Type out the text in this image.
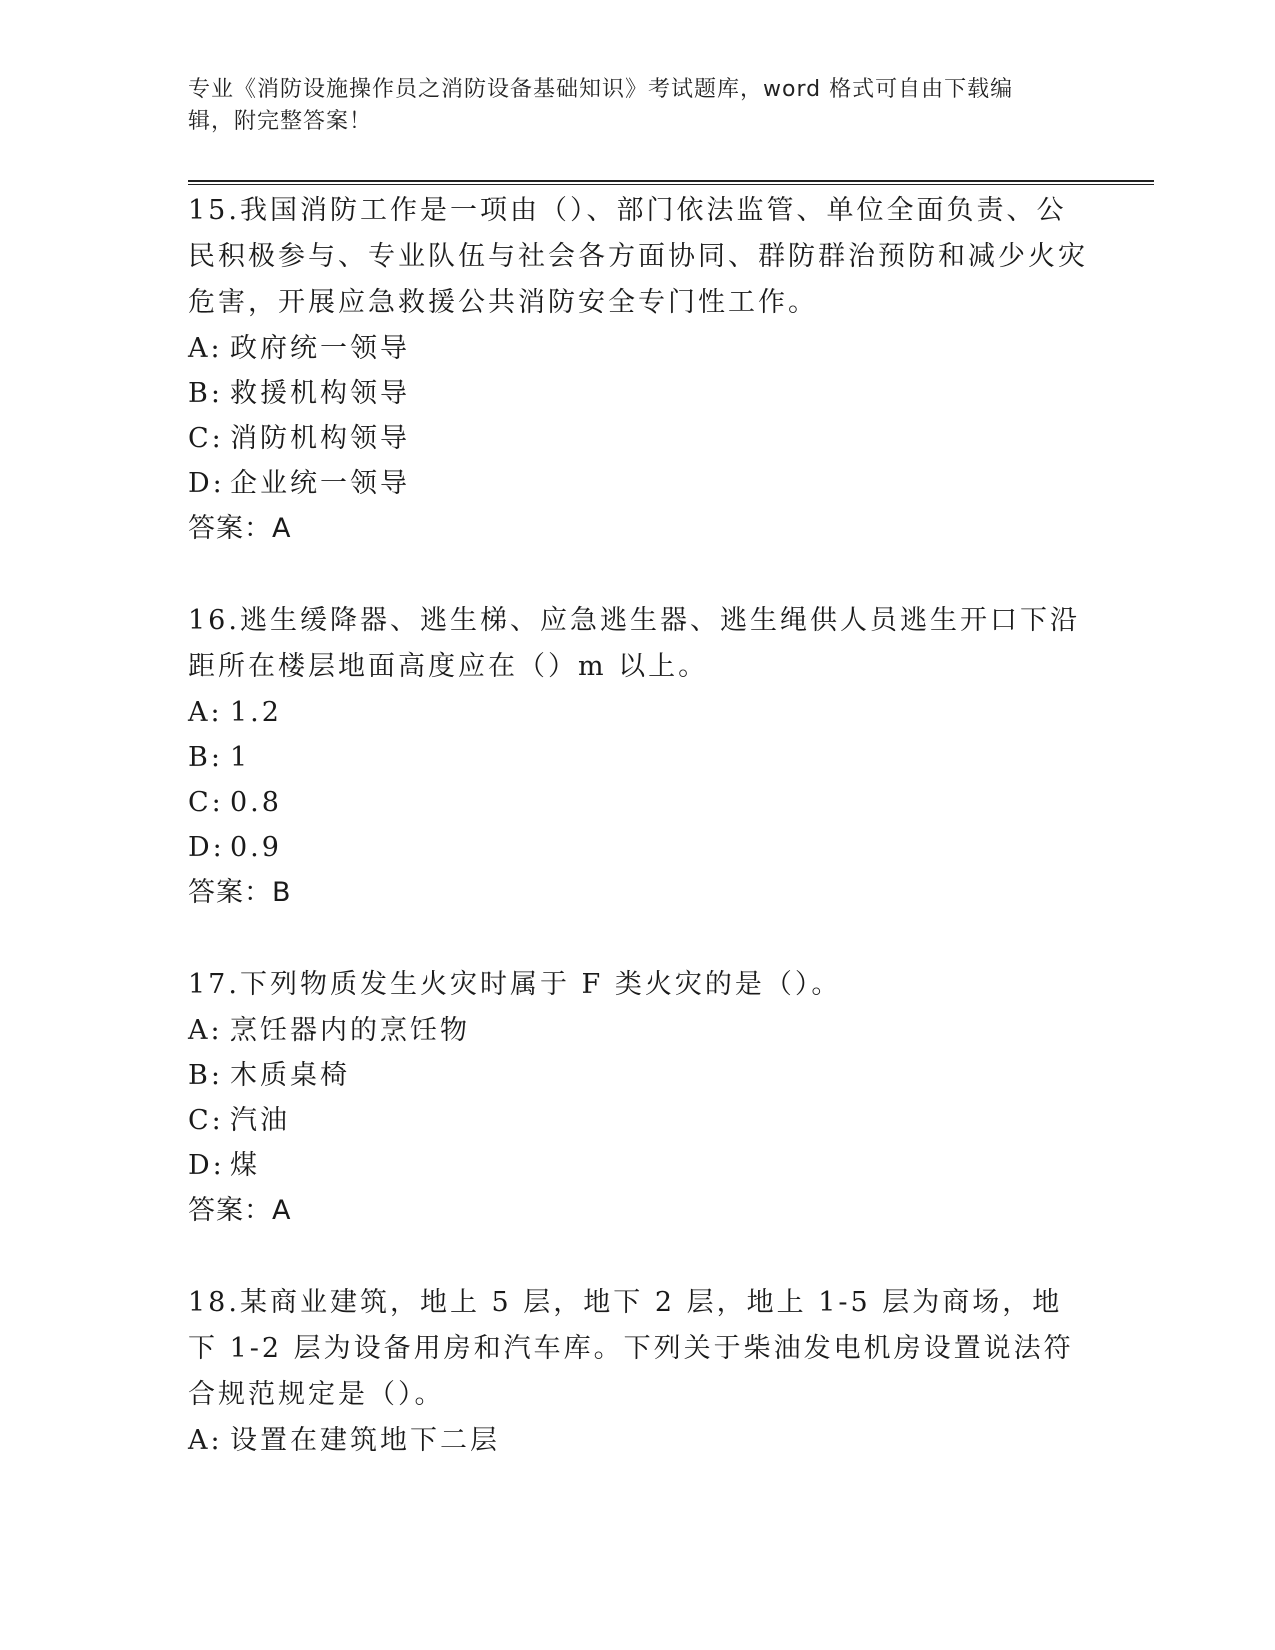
专业《消防设施操作员之消防设备基础知识》考试题库，word 格式可自由下载编
辑，附完整答案！

15.我国消防工作是一项由（）、部门依法监管、单位全面负责、公民积极参与、专业队伍与社会各方面协同、群防群治预防和减少火灾危害，开展应急救援公共消防安全专门性工作。

A: 政府统一领导

B: 救援机构领导

C: 消防机构领导

D: 企业统一领导

答案：A

16.逃生缓降器、逃生梯、应急逃生器、逃生绳供人员逃生开口下沿距所在楼层地面高度应在（）m 以上。

A: 1.2

B: 1

C: 0.8

D: 0.9

答案：B

17.下列物质发生火灾时属于 F 类火灾的是（）。

A: 烹饪器内的烹饪物

B: 木质桌椅

C: 汽油

D: 煤

答案：A

18.某商业建筑，地上 5 层，地下 2 层，地上 1-5 层为商场，地下 1-2 层为设备用房和汽车库。下列关于柴油发电机房设置说法符合规范规定是（）。

A: 设置在建筑地下二层
